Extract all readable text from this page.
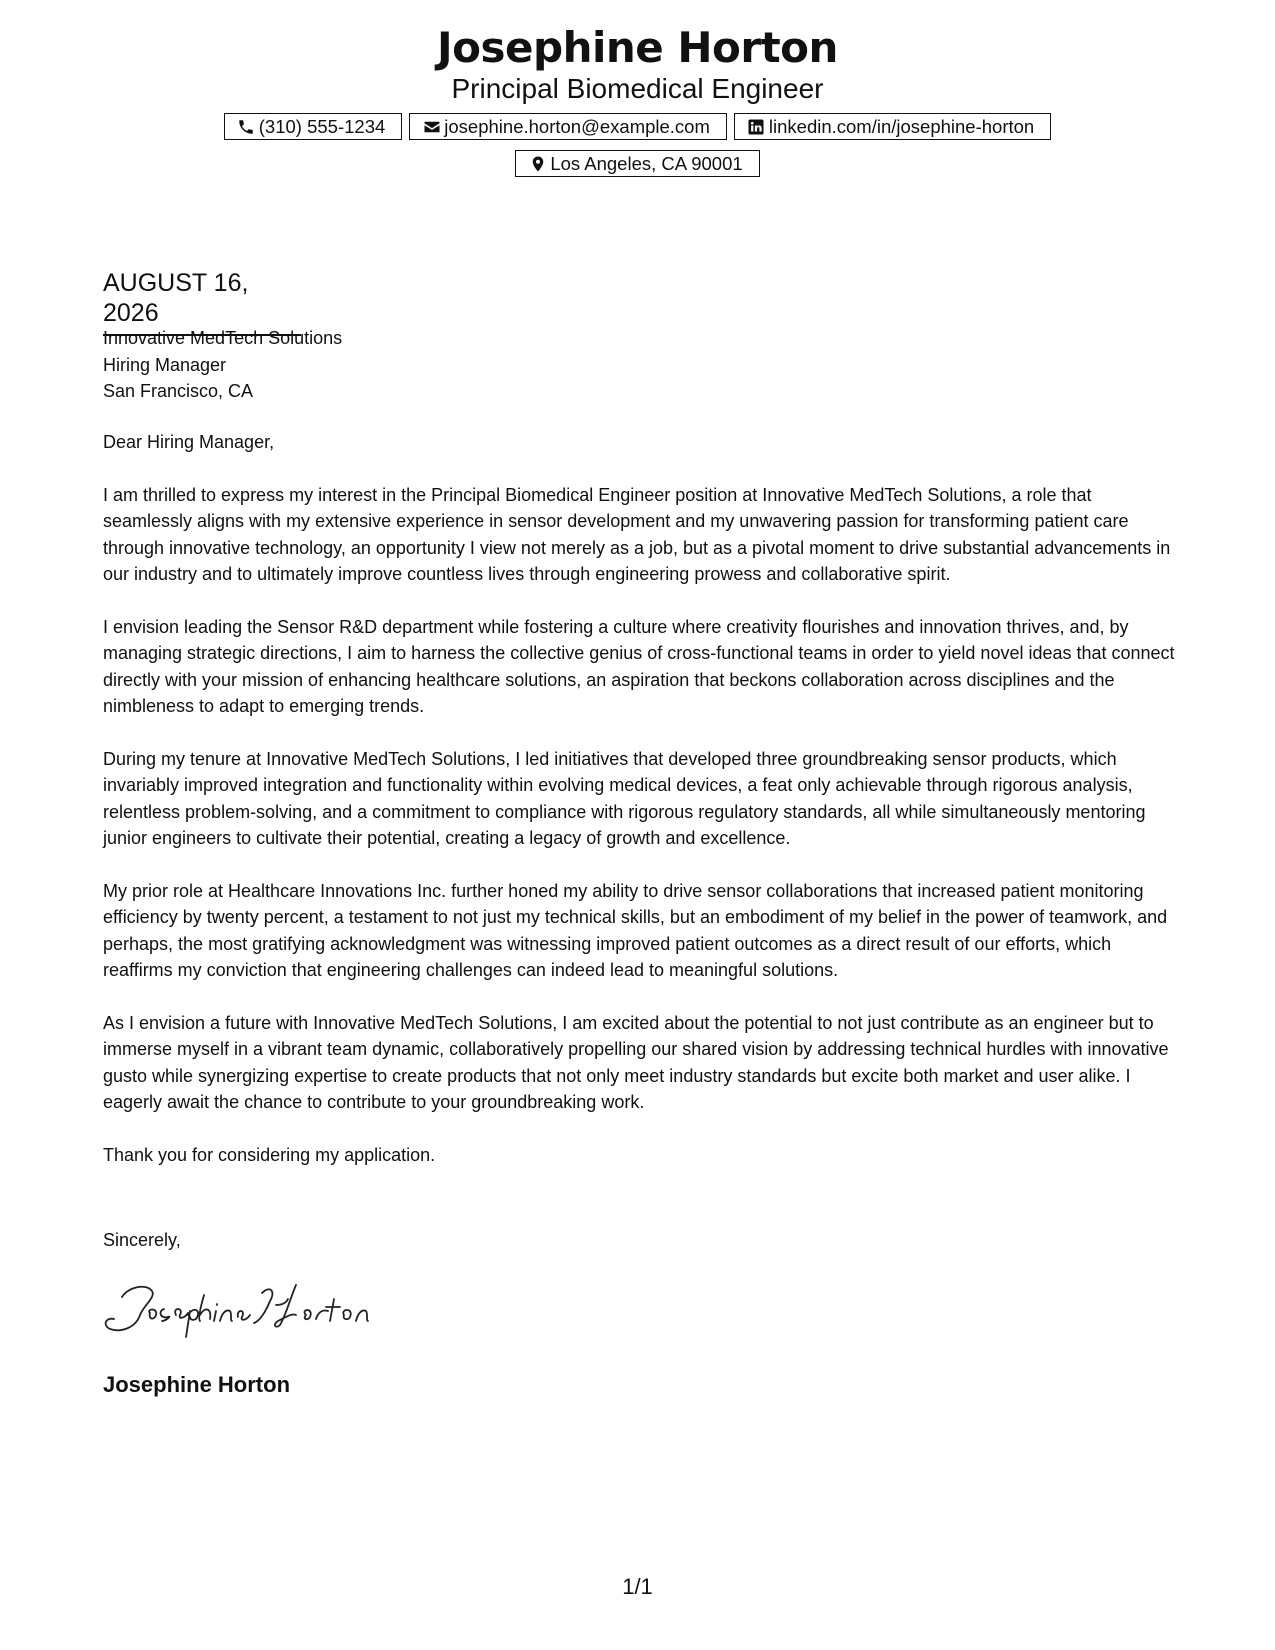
Josephine Horton
Principal Biomedical Engineer
(310) 555-1234	josephine.horton@example.com	linkedin.com/in/josephine-horton
Los Angeles, CA 90001
AUGUST 16, 2026
Innovative MedTech Solutions
Hiring Manager
San Francisco, CA

Dear Hiring Manager,

I am thrilled to express my interest in the Principal Biomedical Engineer position at Innovative MedTech Solutions, a role that seamlessly aligns with my extensive experience in sensor development and my unwavering passion for transforming patient care through innovative technology, an opportunity I view not merely as a job, but as a pivotal moment to drive substantial advancements in our industry and to ultimately improve countless lives through engineering prowess and collaborative spirit.

I envision leading the Sensor R&D department while fostering a culture where creativity flourishes and innovation thrives, and, by managing strategic directions, I aim to harness the collective genius of cross-functional teams in order to yield novel ideas that connect directly with your mission of enhancing healthcare solutions, an aspiration that beckons collaboration across disciplines and the nimbleness to adapt to emerging trends.

During my tenure at Innovative MedTech Solutions, I led initiatives that developed three groundbreaking sensor products, which invariably improved integration and functionality within evolving medical devices, a feat only achievable through rigorous analysis, relentless problem-solving, and a commitment to compliance with rigorous regulatory standards, all while simultaneously mentoring junior engineers to cultivate their potential, creating a legacy of growth and excellence.

My prior role at Healthcare Innovations Inc. further honed my ability to drive sensor collaborations that increased patient monitoring efficiency by twenty percent, a testament to not just my technical skills, but an embodiment of my belief in the power of teamwork, and perhaps, the most gratifying acknowledgment was witnessing improved patient outcomes as a direct result of our efforts, which reaffirms my conviction that engineering challenges can indeed lead to meaningful solutions.

As I envision a future with Innovative MedTech Solutions, I am excited about the potential to not just contribute as an engineer but to immerse myself in a vibrant team dynamic, collaboratively propelling our shared vision by addressing technical hurdles with innovative gusto while synergizing expertise to create products that not only meet industry standards but excite both market and user alike. I eagerly await the chance to contribute to your groundbreaking work.

Thank you for considering my application.

Sincerely,
Josephine Horton
1/1
